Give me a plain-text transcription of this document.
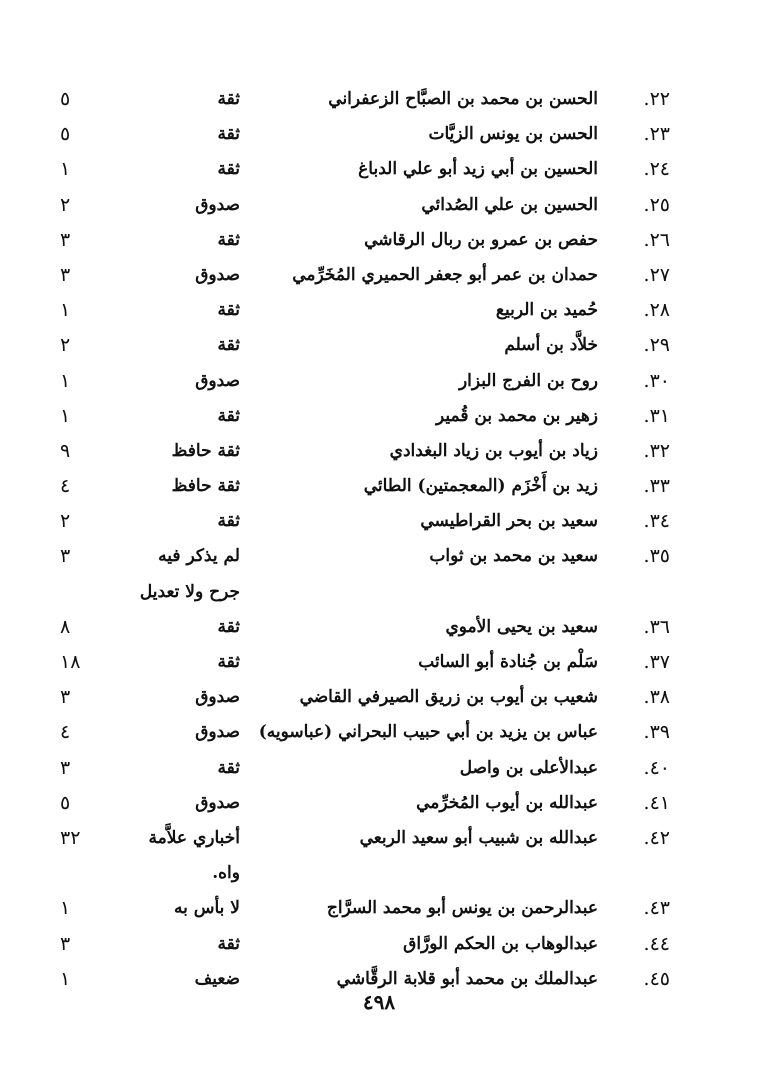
٢٢.
الحسن بن محمد بن الصبَّاح الزعفراني
ثقة
٥
٢٣.
الحسن بن يونس الزيَّات
ثقة
٥
٢٤.
الحسين بن أبي زيد أبو علي الدباغ
ثقة
١
٢٥.
الحسين بن علي الصُدائي
صدوق
٢
٢٦.
حفص بن عمرو بن ربال الرقاشي
ثقة
٣
٢٧.
حمدان بن عمر أبو جعفر الحميري المُخَرِّمي
صدوق
٣
٢٨.
حُميد بن الربيع
ثقة
١
٢٩.
خلاَّد بن أسلم
ثقة
٢
٣٠.
روح بن الفرج البزار
صدوق
١
٣١.
زهير بن محمد بن قُمير
ثقة
١
٣٢.
زياد بن أيوب بن زياد البغدادي
ثقة حافظ
٩
٣٣.
زيد بن أَخْزَم (المعجمتين) الطائي
ثقة حافظ
٤
٣٤.
سعيد بن بحر القراطيسي
ثقة
٢
٣٥.
سعيد بن محمد بن ثواب
لم يذكر فيه
٣
جرح ولا تعديل
٣٦.
سعيد بن يحيى الأموي
ثقة
٨
٣٧.
سَلْم بن جُنادة أبو السائب
ثقة
١٨
٣٨.
شعيب بن أيوب بن زريق الصيرفي القاضي
صدوق
٣
٣٩.
عباس بن يزيد بن أبي حبيب البحراني (عباسويه)
صدوق
٤
٤٠.
عبدالأعلى بن واصل
ثقة
٣
٤١.
عبدالله بن أيوب المُخرِّمي
صدوق
٥
٤٢.
عبدالله بن شبيب أبو سعيد الربعي
أخباري علاَّمة
٣٢
واه.
٤٣.
عبدالرحمن بن يونس أبو محمد السرَّاج
لا بأس به
١
٤٤.
عبدالوهاب بن الحكم الورَّاق
ثقة
٣
٤٥.
عبدالملك بن محمد أبو قلابة الرقَّاشي
ضعيف
١
٤٩٨
